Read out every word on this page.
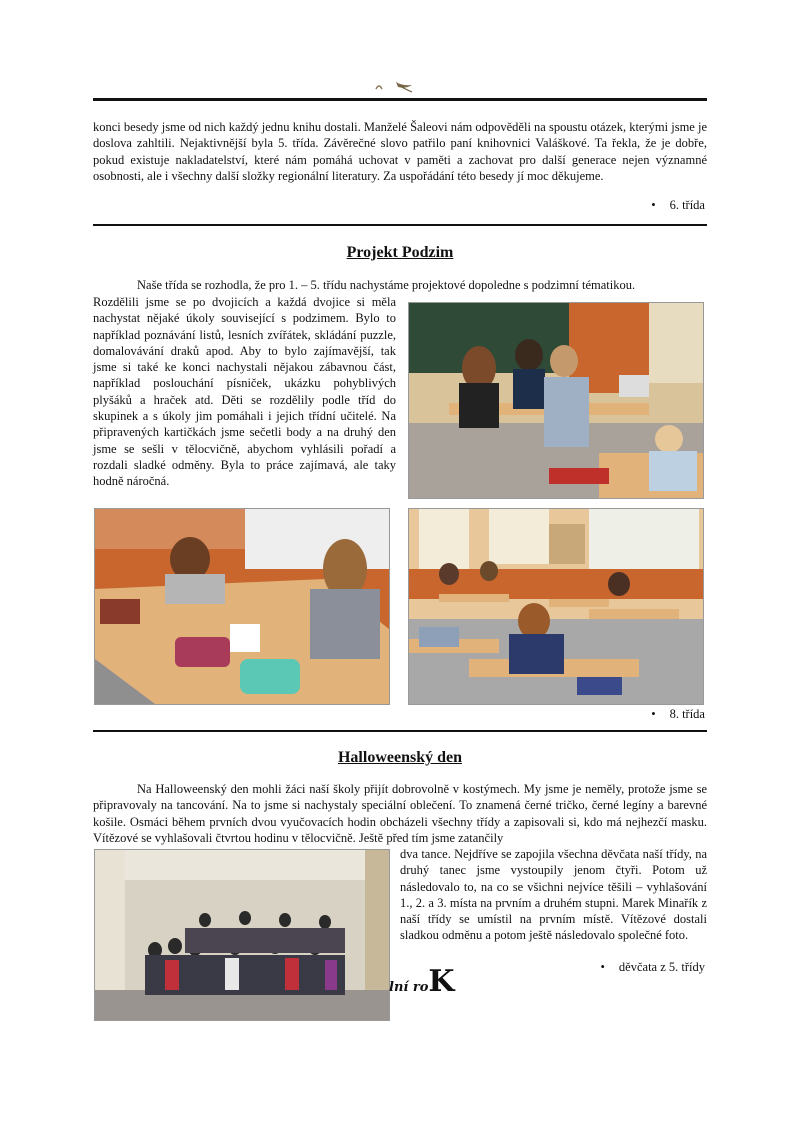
konci besedy jsme od nich každý jednu knihu dostali. Manželé Šaleovi nám odpověděli na spoustu otázek, kterými jsme je doslova zahltili. Nejaktivnější byla 5. třída. Závěrečné slovo patřilo paní knihovnici Valáškové. Ta řekla, že je dobře, pokud existuje nakladatelství, které nám pomáhá uchovat v paměti a zachovat pro další generace nejen významné osobnosti, ale i všechny další složky regionální literatury. Za uspořádání této besedy jí moc děkujeme.

• 6. třída
Projekt Podzim

Naše třída se rozhodla, že pro 1. – 5. třídu nachystáme projektové dopoledne s podzimní tématikou.

Rozdělili jsme se po dvojicích a každá dvojice si měla nachystat nějaké úkoly související s podzimem. Bylo to například poznávání listů, lesních zvířátek, skládání puzzle, domalovávání draků apod. Aby to bylo zajímavější, tak jsme si také ke konci nachystali nějakou zábavnou část, například poslouchání písniček, ukázku pohyblivých plyšáků a hraček atd. Děti se rozdělily podle tříd do skupinek a s úkoly jim pomáhali i jejich třídní učitelé. Na připravených kartičkách jsme sečetli body a na druhý den jsme se sešli v tělocvičně, abychom vyhlásili pořadí a rozdali sladké odměny. Byla to práce zajímavá, ale taky hodně náročná.

• 8. třída
Halloweenský den

Na Halloweenský den mohli žáci naší školy přijít dobrovolně v kostýmech. My jsme je neměly, protože jsme se připravovaly na tancování. Na to jsme si nachystaly speciální oblečení. To znamená černé tričko, černé legíny a barevné košile. Osmáci během prvních dvou vyučovacích hodin obcházeli všechny třídy a zapisovali si, kdo má nejhezčí masku. Vítězové se vyhlašovali čtvrtou hodinu v tělocvičně. Ještě před tím jsme zatančily

dva tance. Nejdříve se zapojila všechna děvčata naší třídy, na druhý tanec jsme vystoupily jenom čtyři. Potom už následovalo to, na co se všichni nejvíce těšili – vyhlašování 1., 2. a 3. místa na prvním a druhém stupni. Marek Minařík z naší třídy se umístil na prvním místě. Vítězové dostali sladkou odměnu a potom ještě následovalo společné foto.

• děvčata z 5. třídy
lní roK
